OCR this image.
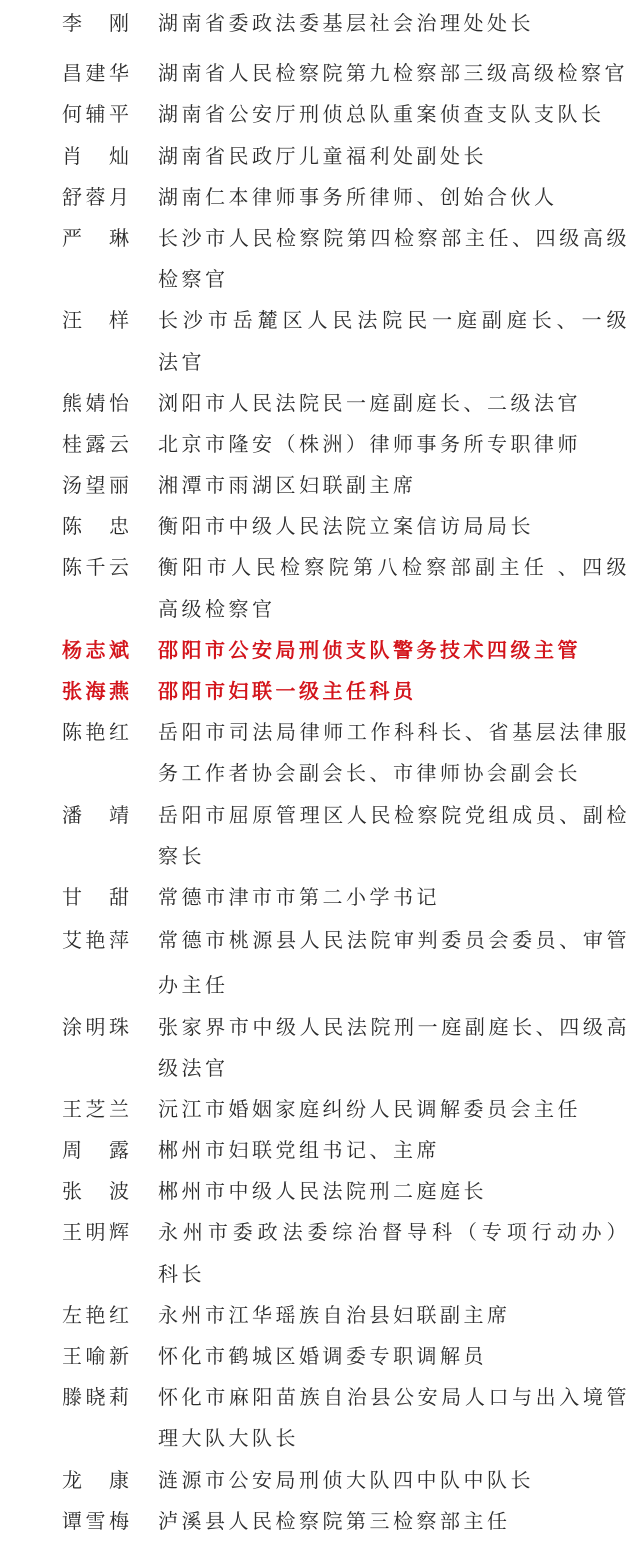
李　刚 湖南省委政法委基层社会治理处处长
昌建华 湖南省人民检察院第九检察部三级高级检察官
何辅平 湖南省公安厅刑侦总队重案侦查支队支队长
肖　灿 湖南省民政厅儿童福利处副处长
舒蓉月 湖南仁本律师事务所律师、创始合伙人
严　琳 长沙市人民检察院第四检察部主任、四级高级
检察官
汪　样 长沙市岳麓区人民法院民一庭副庭长、一级
法官
熊婧怡 浏阳市人民法院民一庭副庭长、二级法官
桂露云 北京市隆安（株洲）律师事务所专职律师
汤望丽 湘潭市雨湖区妇联副主席
陈　忠 衡阳市中级人民法院立案信访局局长
陈千云 衡阳市人民检察院第八检察部副主任 、四级
高级检察官
杨志斌 邵阳市公安局刑侦支队警务技术四级主管
张海燕 邵阳市妇联一级主任科员
陈艳红 岳阳市司法局律师工作科科长、省基层法律服
务工作者协会副会长、市律师协会副会长
潘　靖 岳阳市屈原管理区人民检察院党组成员、副检
察长
甘　甜 常德市津市市第二小学书记
艾艳萍 常德市桃源县人民法院审判委员会委员、审管
办主任
涂明珠 张家界市中级人民法院刑一庭副庭长、四级高
级法官
王芝兰 沅江市婚姻家庭纠纷人民调解委员会主任
周　露 郴州市妇联党组书记、主席
张　波 郴州市中级人民法院刑二庭庭长
王明辉 永州市委政法委综治督导科（专项行动办）
科长
左艳红 永州市江华瑶族自治县妇联副主席
王喻新 怀化市鹤城区婚调委专职调解员
滕晓莉 怀化市麻阳苗族自治县公安局人口与出入境管
理大队大队长
龙　康 涟源市公安局刑侦大队四中队中队长
谭雪梅 泸溪县人民检察院第三检察部主任
